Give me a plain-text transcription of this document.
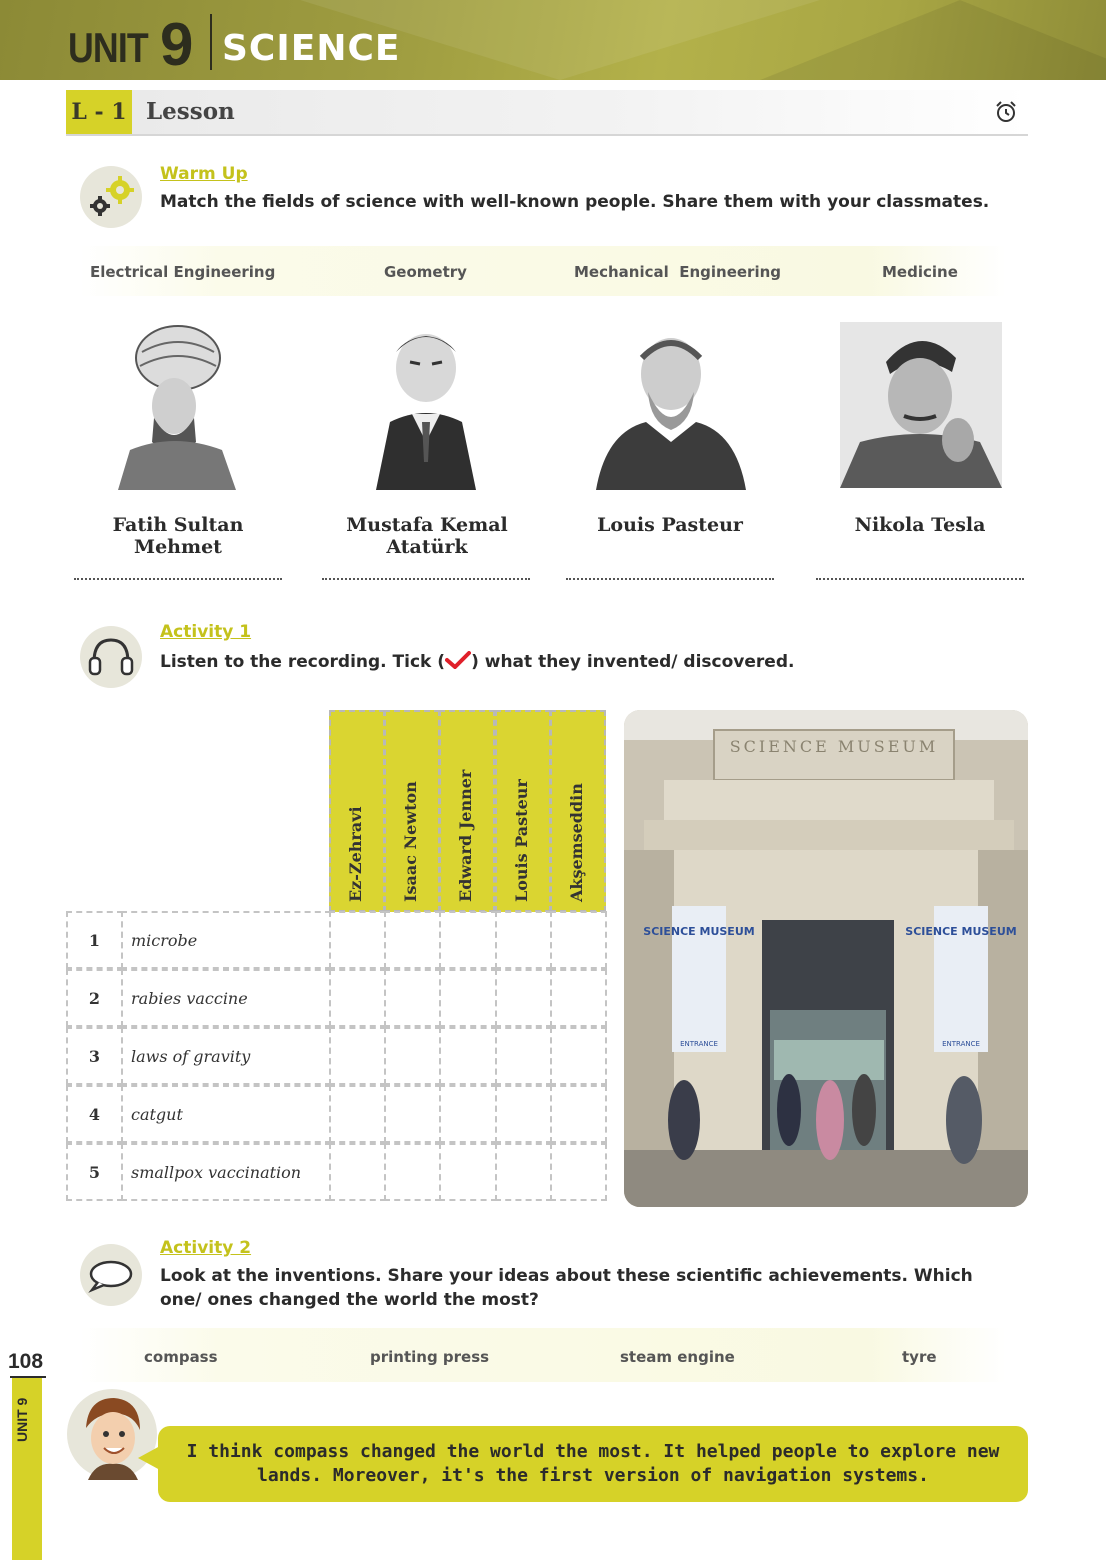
UNIT 9 SCIENCE
L - 1 Lesson
Warm Up
Match the fields of science with well-known people. Share them with your classmates.
Electrical Engineering	Geometry	Mechanical  Engineering	Medicine
Fatih Sultan Mehmet
Mustafa Kemal Atatürk
Louis Pasteur	Nikola Tesla
Activity 1
Listen to the recording. Tick ( ) what they invented/ discovered.
Ez-Zehravi Isaac Newton Edward Jenner Louis Pasteur Akşemseddin
1	microbe
2	rabies vaccine
3	laws of gravity
4	catgut
5	smallpox vaccination
SCIENCE MUSEUM
SCIENCE MUSEUM
ENTRANCE
SCIENCE MUSEUM
ENTRANCE
Activity 2
Look at the inventions. Share your ideas about these scientific achievements. Which one/ ones changed the world the most?
compass	printing press	steam engine	tyre
108
UNIT 9
I think compass changed the world the most. It helped people to explore new lands. Moreover, it's the first version of navigation systems.
